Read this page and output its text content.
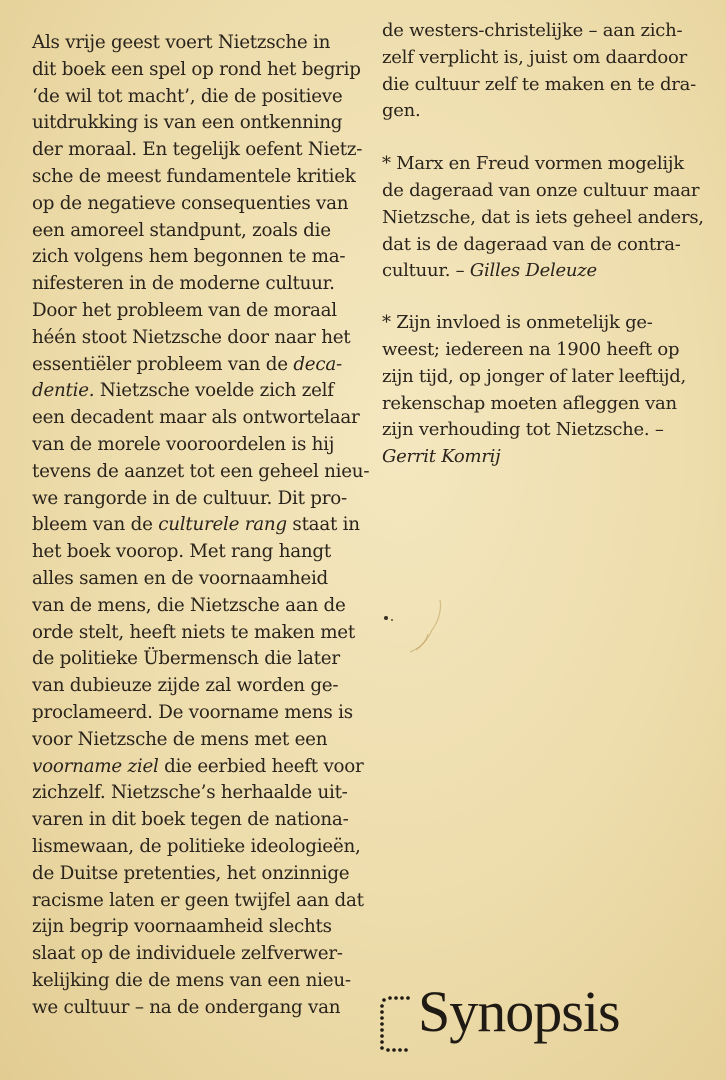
Als vrije geest voert Nietzsche in
dit boek een spel op rond het begrip
‘de wil tot macht’, die de positieve
uitdrukking is van een ontkenning
der moraal. En tegelijk oefent Nietz-
sche de meest fundamentele kritiek
op de negatieve consequenties van
een amoreel standpunt, zoals die
zich volgens hem begonnen te ma-
nifesteren in de moderne cultuur.
Door het probleem van de moraal
héén stoot Nietzsche door naar het
essentiëler probleem van de deca-
dentie. Nietzsche voelde zich zelf
een decadent maar als ontwortelaar
van de morele vooroordelen is hij
tevens de aanzet tot een geheel nieu-
we rangorde in de cultuur. Dit pro-
bleem van de culturele rang staat in
het boek voorop. Met rang hangt
alles samen en de voornaamheid
van de mens, die Nietzsche aan de
orde stelt, heeft niets te maken met
de politieke Übermensch die later
van dubieuze zijde zal worden ge-
proclameerd. De voorname mens is
voor Nietzsche de mens met een
voorname ziel die eerbied heeft voor
zichzelf. Nietzsche’s herhaalde uit-
varen in dit boek tegen de nationa-
lismewaan, de politieke ideologieën,
de Duitse pretenties, het onzinnige
racisme laten er geen twijfel aan dat
zijn begrip voornaamheid slechts
slaat op de individuele zelfverwer-
kelijking die de mens van een nieu-
we cultuur – na de ondergang van
de westers-christelijke – aan zich-
zelf verplicht is, juist om daardoor
die cultuur zelf te maken en te dra-
gen.
* Marx en Freud vormen mogelijk
de dageraad van onze cultuur maar
Nietzsche, dat is iets geheel anders,
dat is de dageraad van de contra-
cultuur. – Gilles Deleuze
* Zijn invloed is onmetelijk ge-
weest; iedereen na 1900 heeft op
zijn tijd, op jonger of later leeftijd,
rekenschap moeten afleggen van
zijn verhouding tot Nietzsche. –
Gerrit Komrij
Synopsis
